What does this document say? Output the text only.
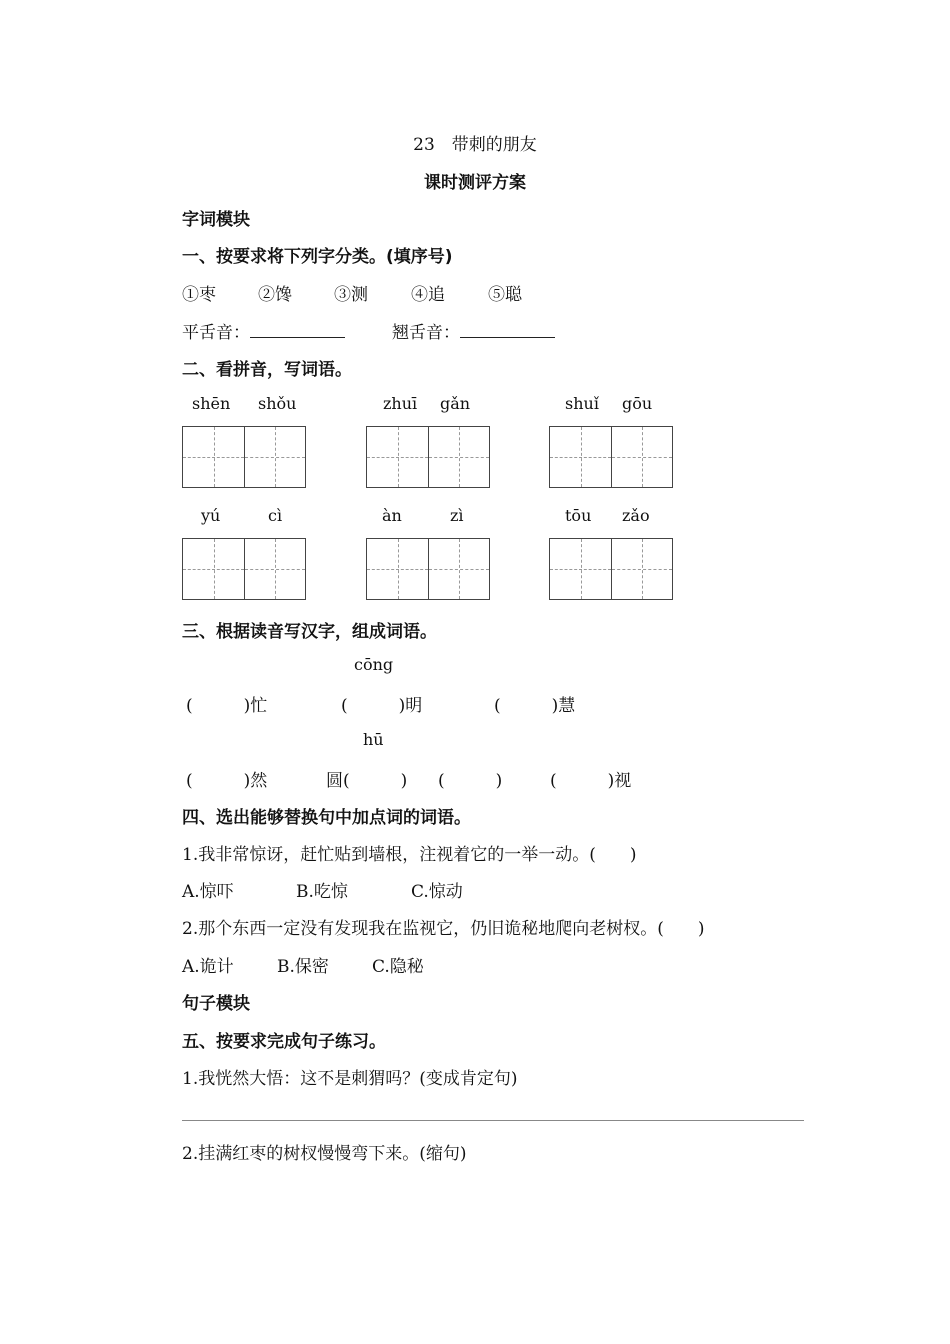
23　带刺的朋友
课时测评方案
字词模块
一、按要求将下列字分类。(填序号)
①枣 ②馋 ③测	④追	⑤聪
平舌音：	翘舌音：
二、看拼音，写词语。
shēn shǒu	zhuī gǎn	shuǐ gōu
yú	cì	àn	zì	tōu zǎo
三、根据读音写汉字，组成词语。
cōng
(　　　)忙	(　　　)明	(　　　)慧
hū
(　　　)然	圆(　　　) (　　　)	(　　　)视
四、选出能够替换句中加点词的词语。
1.我非常惊讶，赶忙贴到墙根，注视着它的一举一动。(　　)
A.惊吓	B.吃惊	C.惊动
2.那个东西一定没有发现我在监视它，仍旧诡秘地爬向老树杈。(　　)
A.诡计	B.保密	C.隐秘
句子模块
五、按要求完成句子练习。
1.我恍然大悟：这不是刺猬吗？(变成肯定句)
2.挂满红枣的树杈慢慢弯下来。(缩句)
